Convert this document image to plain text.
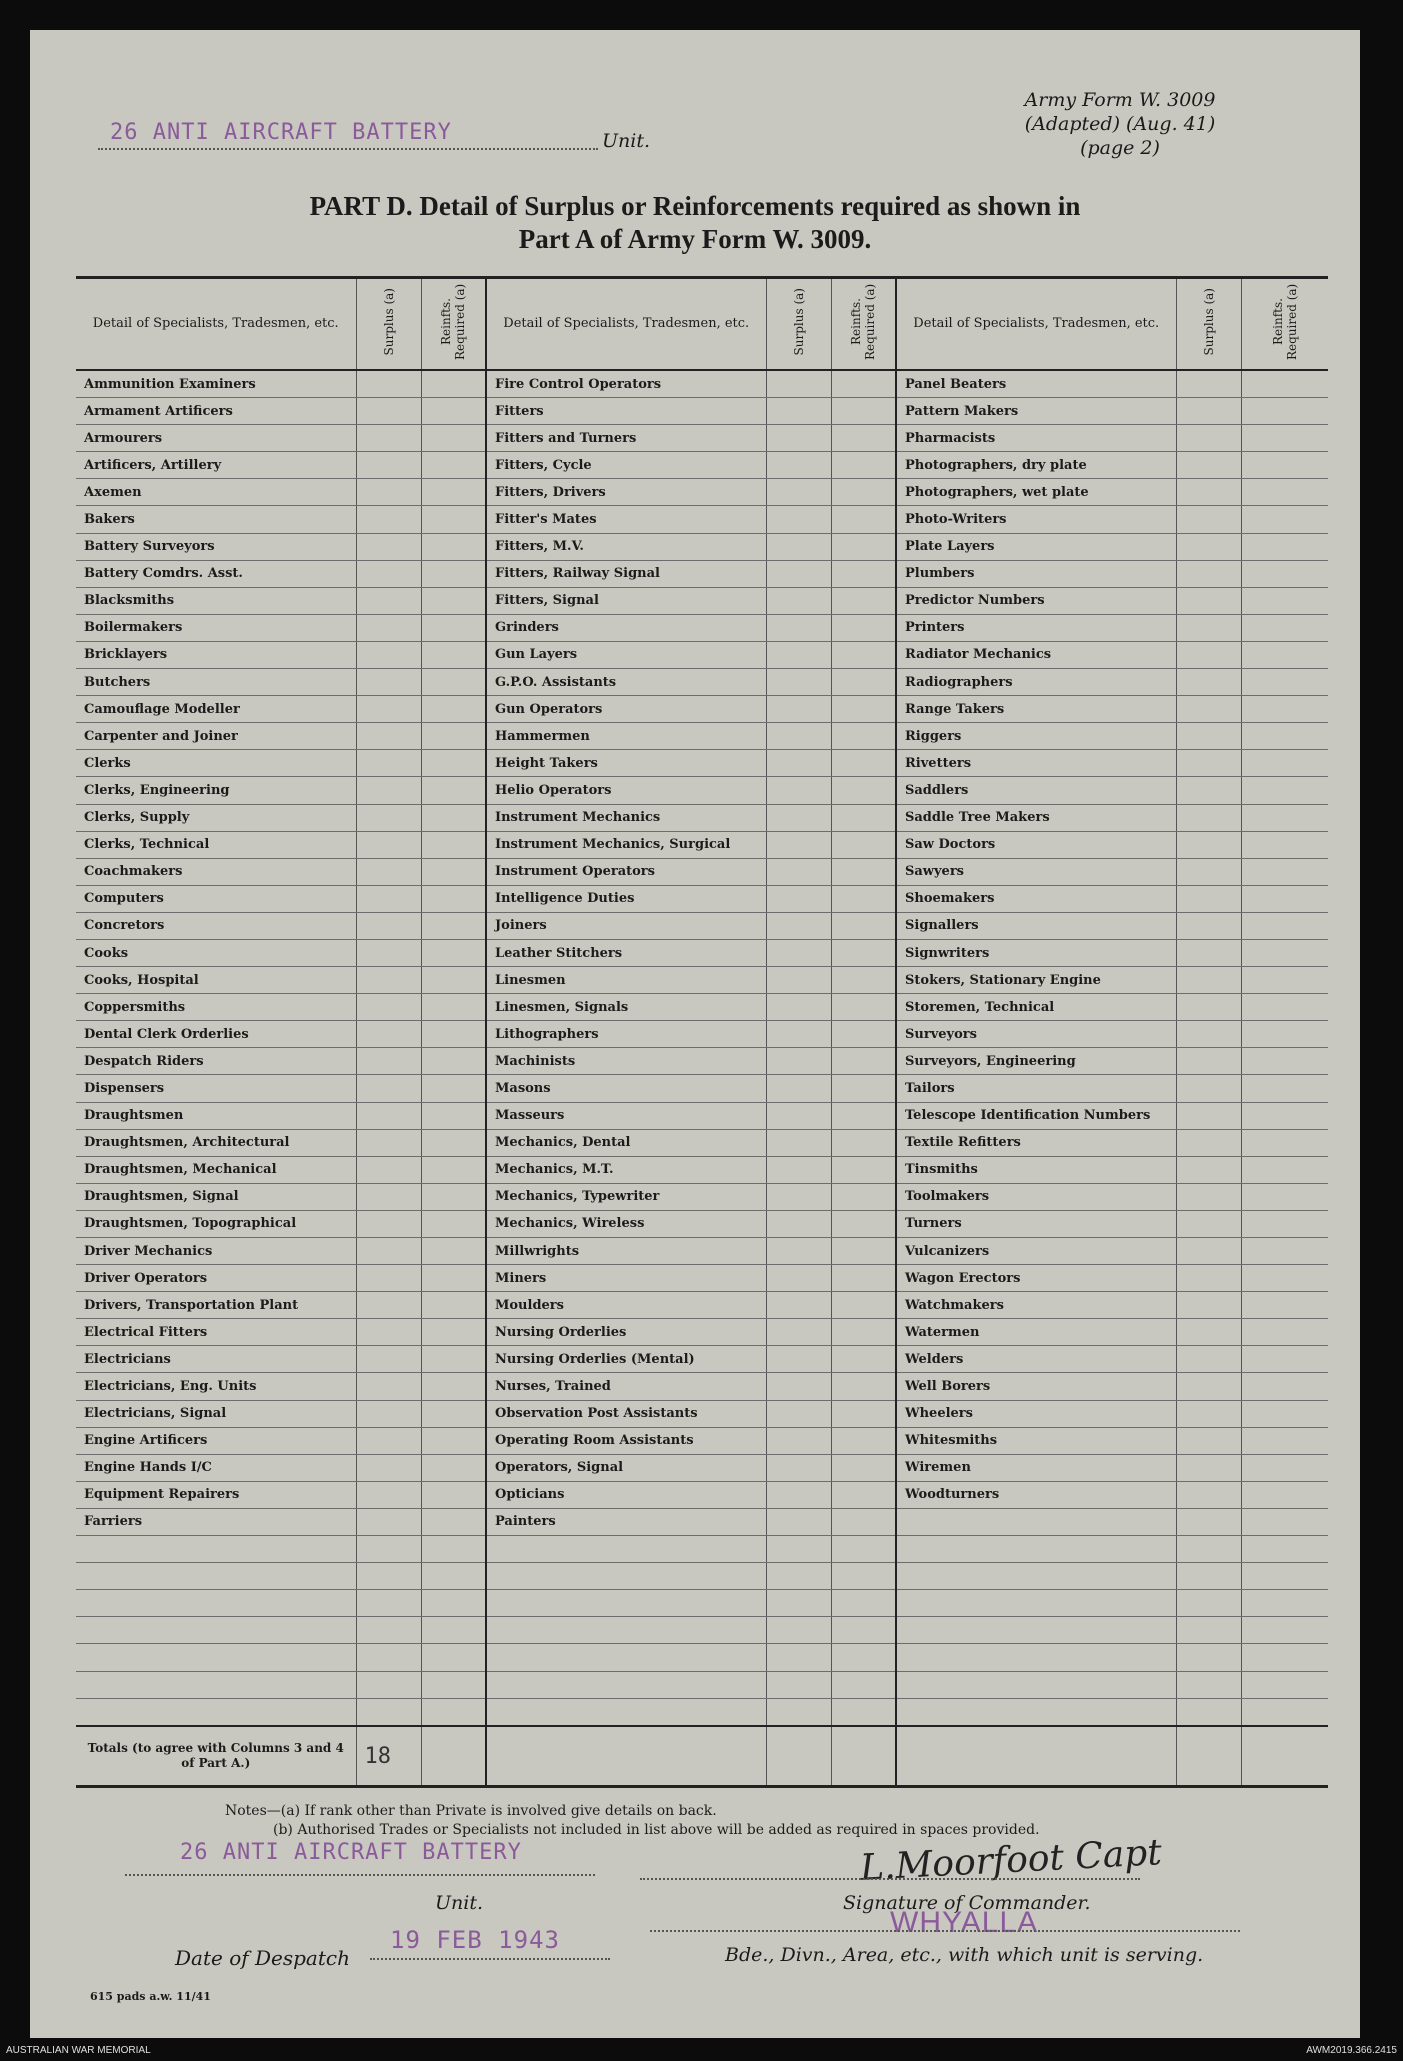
Army Form W. 3009
(Adapted) (Aug. 41)
(page 2)
26 ANTI AIRCRAFT BATTERY	Unit.
PART D. Detail of Surplus or Reinforcements required as shown in
Part A of Army Form W. 3009.
Detail of Specialists, Tradesmen, etc.	Surplus (a)	Reinfts. Required (a)	Detail of Specialists, Tradesmen, etc.	Surplus (a)	Reinfts. Required (a)	Detail of Specialists, Tradesmen, etc.	Surplus (a)	Reinfts. Required (a)
Ammunition Examiners			Fire Control Operators			Panel Beaters		
Armament Artificers			Fitters			Pattern Makers		
Armourers			Fitters and Turners			Pharmacists		
Artificers, Artillery			Fitters, Cycle			Photographers, dry plate		
Axemen			Fitters, Drivers			Photographers, wet plate		
Bakers			Fitter's Mates			Photo-Writers		
Battery Surveyors			Fitters, M.V.			Plate Layers		
Battery Comdrs. Asst.			Fitters, Railway Signal			Plumbers		
Blacksmiths			Fitters, Signal			Predictor Numbers		
Boilermakers			Grinders			Printers		
Bricklayers			Gun Layers			Radiator Mechanics		
Butchers			G.P.O. Assistants			Radiographers		
Camouflage Modeller			Gun Operators			Range Takers		
Carpenter and Joiner			Hammermen			Riggers		
Clerks			Height Takers			Rivetters		
Clerks, Engineering			Helio Operators			Saddlers		
Clerks, Supply			Instrument Mechanics			Saddle Tree Makers		
Clerks, Technical			Instrument Mechanics, Surgical			Saw Doctors		
Coachmakers			Instrument Operators			Sawyers		
Computers			Intelligence Duties			Shoemakers		
Concretors			Joiners			Signallers		
Cooks			Leather Stitchers			Signwriters		
Cooks, Hospital			Linesmen			Stokers, Stationary Engine		
Coppersmiths			Linesmen, Signals			Storemen, Technical		
Dental Clerk Orderlies			Lithographers			Surveyors		
Despatch Riders			Machinists			Surveyors, Engineering		
Dispensers			Masons			Tailors		
Draughtsmen			Masseurs			Telescope Identification Numbers		
Draughtsmen, Architectural			Mechanics, Dental			Textile Refitters		
Draughtsmen, Mechanical			Mechanics, M.T.			Tinsmiths		
Draughtsmen, Signal			Mechanics, Typewriter			Toolmakers		
Draughtsmen, Topographical			Mechanics, Wireless			Turners		
Driver Mechanics			Millwrights			Vulcanizers		
Driver Operators			Miners			Wagon Erectors		
Drivers, Transportation Plant			Moulders			Watchmakers		
Electrical Fitters			Nursing Orderlies			Watermen		
Electricians			Nursing Orderlies (Mental)			Welders		
Electricians, Eng. Units			Nurses, Trained			Well Borers		
Electricians, Signal			Observation Post Assistants			Wheelers		
Engine Artificers			Operating Room Assistants			Whitesmiths		
Engine Hands I/C			Operators, Signal			Wiremen		
Equipment Repairers			Opticians			Woodturners		
Farriers			Painters					

Totals (to agree with Columns 3 and 4 of Part A.)	18							
Notes—(a) If rank other than Private is involved give details on back.
(b) Authorised Trades or Specialists not included in list above will be added as required in spaces provided.
26 ANTI AIRCRAFT BATTERY
Unit.
L.Moorfoot Capt
Signature of Commander.
WHYALLA
Bde., Divn., Area, etc., with which unit is serving.
Date of Despatch
19 FEB 1943
615 pads a.w. 11/41
AUSTRALIAN WAR MEMORIAL	AWM2019.366.2415
